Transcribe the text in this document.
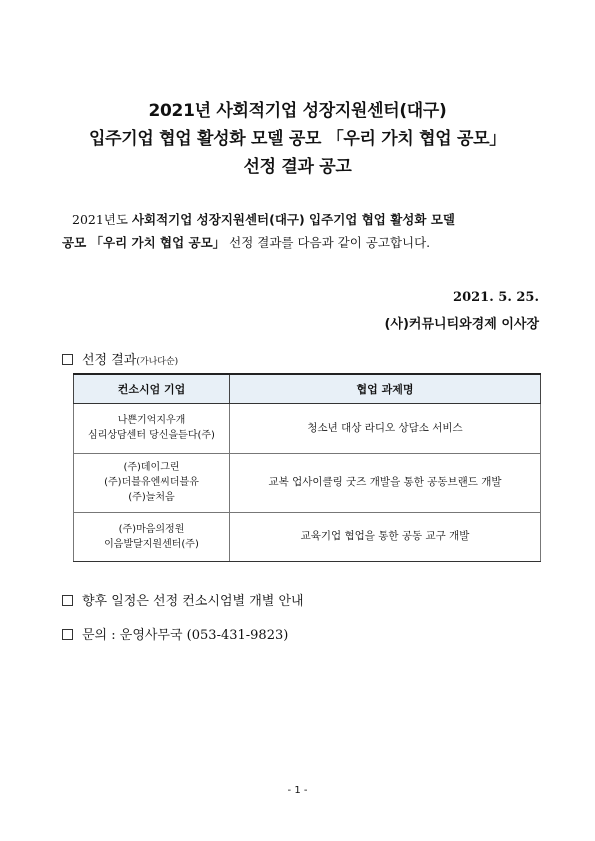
2021년 사회적기업 성장지원센터(대구)
입주기업 협업 활성화 모델 공모 「우리 가치 협업 공모」
선정 결과 공고
2021년도 사회적기업 성장지원센터(대구) 입주기업 협업 활성화 모델
공모 「우리 가치 협업 공모」 선정 결과를 다음과 같이 공고합니다.
2021. 5. 25.
(사)커뮤니티와경제 이사장
선정 결과(가나다순)
컨소시엄 기업	협업 과제명

나쁜기억지우개
심리상담센터 당신을듣다(주)	청소년 대상 라디오 상담소 서비스

(주)데이그린
(주)더블유엔씨더블유
(주)늘처음	교복 업사이클링 굿즈 개발을 통한 공동브랜드 개발

(주)마음의정원
이음발달지원센터(주)	교육기업 협업을 통한 공동 교구 개발
향후 일정은 선정 컨소시엄별 개별 안내
문의 : 운영사무국 (053-431-9823)
- 1 -
